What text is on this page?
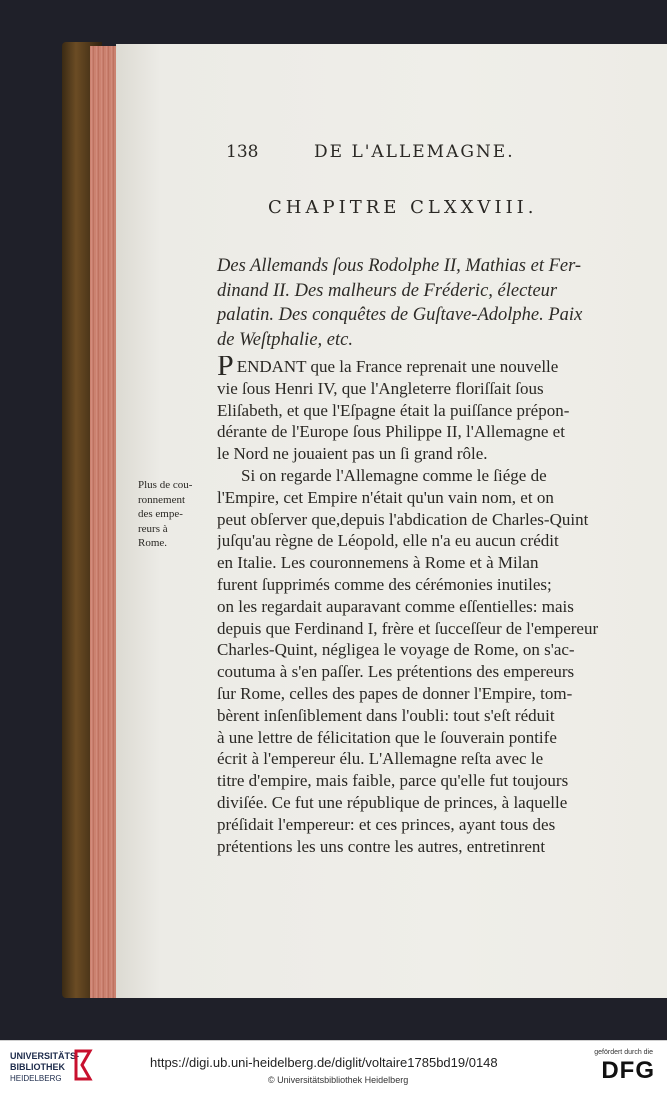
138	DE L'ALLEMAGNE.
CHAPITRE CLXXVIII.
Des Allemands ſous Rodolphe II, Mathias et Fer-
dinand II. Des malheurs de Fréderic, électeur
palatin. Des conquêtes de Guſtave-Adolphe. Paix
de Weſtphalie, etc.
Plus de cou-
ronnement
des empe-
reurs à
Rome.
PENDANT que la France reprenait une nouvelle
vie ſous Henri IV, que l'Angleterre floriſſait ſous
Eliſabeth, et que l'Eſpagne était la puiſſance prépon-
dérante de l'Europe ſous Philippe II, l'Allemagne et
le Nord ne jouaient pas un ſi grand rôle.
Si on regarde l'Allemagne comme le ſiége de
l'Empire, cet Empire n'était qu'un vain nom, et on
peut obſerver que,depuis l'abdication de Charles-Quint
juſqu'au règne de Léopold, elle n'a eu aucun crédit
en Italie. Les couronnemens à Rome et à Milan
furent ſupprimés comme des cérémonies inutiles;
on les regardait auparavant comme eſſentielles: mais
depuis que Ferdinand I, frère et ſucceſſeur de l'empereur
Charles-Quint, négligea le voyage de Rome, on s'ac-
coutuma à s'en paſſer. Les prétentions des empereurs
ſur Rome, celles des papes de donner l'Empire, tom-
bèrent inſenſiblement dans l'oubli: tout s'eſt réduit
à une lettre de félicitation que le ſouverain pontife
écrit à l'empereur élu. L'Allemagne reſta avec le
titre d'empire, mais faible, parce qu'elle fut toujours
diviſée. Ce fut une république de princes, à laquelle
préſidait l'empereur: et ces princes, ayant tous des
prétentions les uns contre les autres, entretinrent
UNIVERSITÄTS-
BIBLIOTHEK
HEIDELBERG
https://digi.ub.uni-heidelberg.de/diglit/voltaire1785bd19/0148
© Universitätsbibliothek Heidelberg
gefördert durch die
DFG
